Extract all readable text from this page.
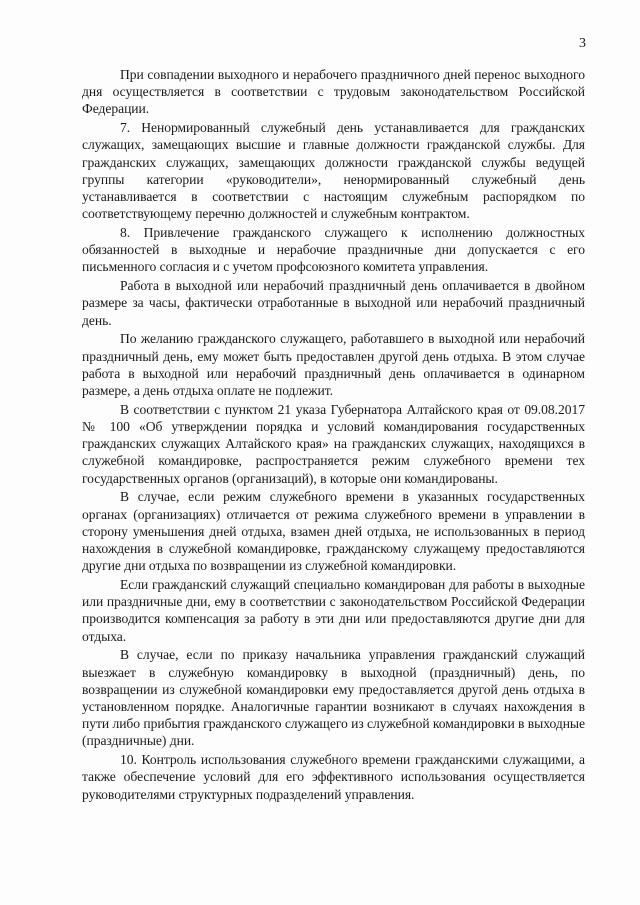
3

При совпадении выходного и нерабочего праздничного дней перенос выходного дня осуществляется в соответствии с трудовым законодательством Российской Федерации.

7. Ненормированный служебный день устанавливается для гражданских служащих, замещающих высшие и главные должности гражданской службы. Для гражданских служащих, замещающих должности гражданской службы ведущей группы категории «руководители», ненормированный служебный день устанавливается в соответствии с настоящим служебным распорядком по соответствующему перечню должностей и служебным контрактом.

8. Привлечение гражданского служащего к исполнению должностных обязанностей в выходные и нерабочие праздничные дни допускается с его письменного согласия и с учетом профсоюзного комитета управления.

Работа в выходной или нерабочий праздничный день оплачивается в двойном размере за часы, фактически отработанные в выходной или нерабочий праздничный день.

По желанию гражданского служащего, работавшего в выходной или нерабочий праздничный день, ему может быть предоставлен другой день отдыха. В этом случае работа в выходной или нерабочий праздничный день оплачивается в одинарном размере, а день отдыха оплате не подлежит.

В соответствии с пунктом 21 указа Губернатора Алтайского края от 09.08.2017 № 100 «Об утверждении порядка и условий командирования государственных гражданских служащих Алтайского края» на гражданских служащих, находящихся в служебной командировке, распространяется режим служебного времени тех государственных органов (организаций), в которые они командированы.

В случае, если режим служебного времени в указанных государственных органах (организациях) отличается от режима служебного времени в управлении в сторону уменьшения дней отдыха, взамен дней отдыха, не использованных в период нахождения в служебной командировке, гражданскому служащему предоставляются другие дни отдыха по возвращении из служебной командировки.

Если гражданский служащий специально командирован для работы в выходные или праздничные дни, ему в соответствии с законодательством Российской Федерации производится компенсация за работу в эти дни или предоставляются другие дни для отдыха.

В случае, если по приказу начальника управления гражданский служащий выезжает в служебную командировку в выходной (праздничный) день, по возвращении из служебной командировки ему предоставляется другой день отдыха в установленном порядке. Аналогичные гарантии возникают в случаях нахождения в пути либо прибытия гражданского служащего из служебной командировки в выходные (праздничные) дни.

10. Контроль использования служебного времени гражданскими служащими, а также обеспечение условий для его эффективного использования осуществляется руководителями структурных подразделений управления.
